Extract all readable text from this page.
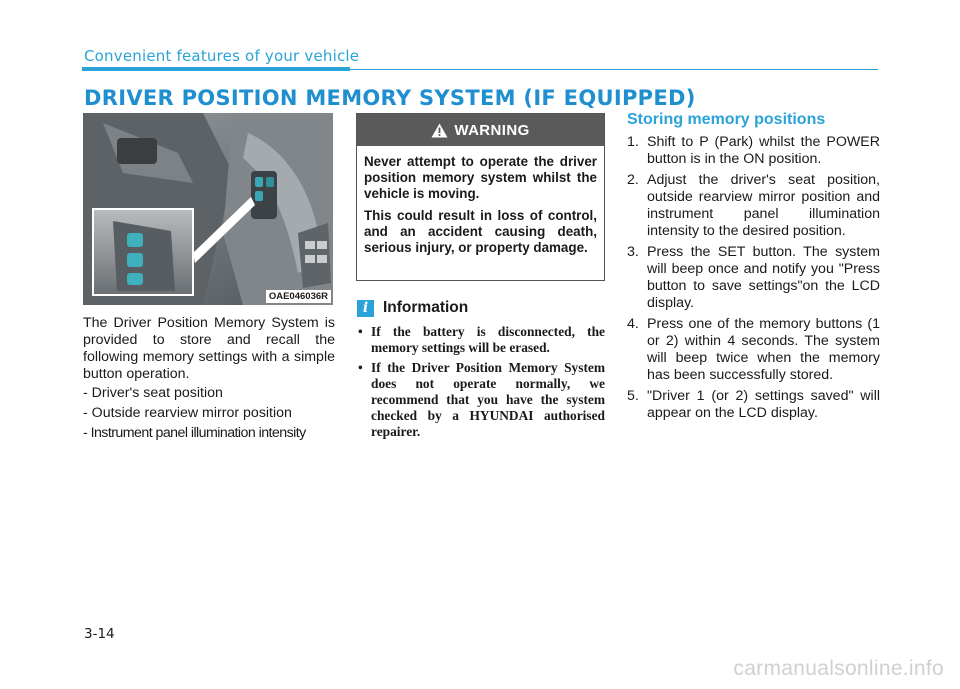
Convenient features of your vehicle
DRIVER POSITION MEMORY SYSTEM (IF EQUIPPED)
OAE046036R
The Driver Position Memory System is provided to store and recall the following memory settings with a simple button operation.
- Driver's seat position
- Outside rearview mirror position
- Instrument panel illumination intensity
WARNING

Never attempt to operate the driver position memory system whilst the vehicle is moving.

This could result in loss of control, and an accident causing death, serious injury, or property damage.

i Information
• If the battery is disconnected, the memory settings will be erased.
• If the Driver Position Memory System does not operate normally, we recommend that you have the system checked by a HYUNDAI authorised repairer.
Storing memory positions
1. Shift to P (Park) whilst the POWER button is in the ON position.
2. Adjust the driver's seat position, outside rearview mirror position and instrument panel illumination intensity to the desired position.
3. Press the SET button. The system will beep once and notify you "Press button to save settings"on the LCD display.
4. Press one of the memory buttons (1 or 2) within 4 seconds. The system will beep twice when the memory has been successfully stored.
5. "Driver 1 (or 2) settings saved" will appear on the LCD display.
3-14
carmanualsonline.info
